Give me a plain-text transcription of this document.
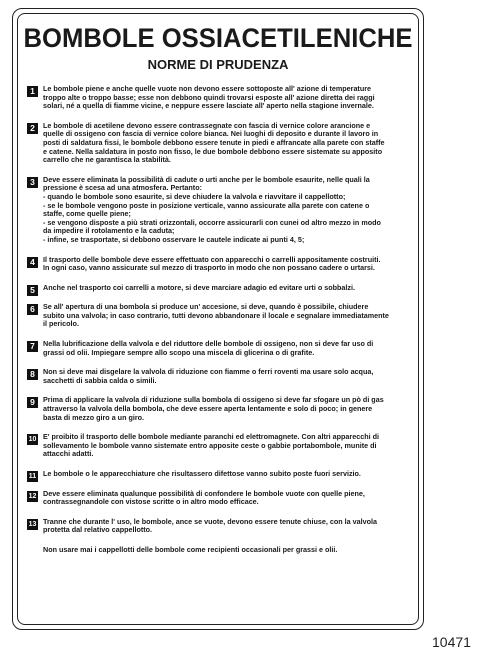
BOMBOLE OSSIACETILENICHE
NORME DI PRUDENZA
1	Le bombole piene e anche quelle vuote non devono essere sottoposte all' azione di temperature
troppo alte o troppo basse; esse non debbono quindi trovarsi esposte all' azione diretta dei raggi
solari, né a quella di fiamme vicine, e neppure essere lasciate all' aperto nella stagione invernale.

2	Le bombole di acetilene devono essere contrassegnate con fascia di vernice colore arancione e
quelle di ossigeno con fascia di vernice colore bianca. Nei luoghi di deposito e durante il lavoro in
posti di saldatura fissi, le bombole debbono essere tenute in piedi e affrancate alla parete con staffe
e catene. Nella saldatura in posto non fisso, le due bombole debbono essere sistemate su apposito
carrello che ne garantisca la stabilità.

3	Deve essere eliminata la possibilità di cadute o urti anche per le bombole esaurite, nelle quali la
pressione è scesa ad una atmosfera. Pertanto:
- quando le bombole sono esaurite, si deve chiudere la valvola e riavvitare il cappellotto;
- se le bombole vengono poste in posizione verticale, vanno assicurate alla parete con catene o
staffe, come quelle piene;
- se vengono disposte a più strati orizzontali, occorre assicurarli con cunei od altro mezzo in modo
da impedire il rotolamento e la caduta;
- infine, se trasportate, si debbono osservare le cautele indicate ai punti 4, 5;

4	Il trasporto delle bombole deve essere effettuato con apparecchi o carrelli appositamente costruiti.
In ogni caso, vanno assicurate sul mezzo di trasporto in modo che non possano cadere o urtarsi.

5	Anche nel trasporto coi carrelli a motore, si deve marciare adagio ed evitare urti o sobbalzi.

6	Se all' apertura di una bombola si produce un' accesione, si deve, quando è possibile, chiudere
subito una valvola; in caso contrario, tutti devono abbandonare il locale e segnalare immediatamente
il pericolo.

7	Nella lubrificazione della valvola e del riduttore delle bombole di ossigeno, non si deve far uso di
grassi od olii. Impiegare sempre allo scopo una miscela di glicerina o di grafite.

8	Non si deve mai disgelare la valvola di riduzione con fiamme o ferri roventi ma usare solo acqua,
sacchetti di sabbia calda o simili.

9	Prima di applicare la valvola di riduzione sulla bombola di ossigeno si deve far sfogare un pò di gas
attraverso la valvola della bombola, che deve essere aperta lentamente e solo di poco; in genere
basta di mezzo giro a un giro.

10 E' proibito il trasporto delle bombole mediante paranchi ed elettromagnete. Con altri apparecchi di
sollevamento le bombole vanno sistemate entro apposite ceste o gabbie portabombole, munite di
attacchi adatti.

11 Le bombole o le apparecchiature che risultassero difettose vanno subito poste fuori servizio.

12 Deve essere eliminata qualunque possibilità di confondere le bombole vuote con quelle piene,
contrassegnandole con vistose scritte o in altro modo efficace.

13 Tranne che durante l' uso, le bombole, ance se vuote, devono essere tenute chiuse, con la valvola
protetta dal relativo cappellotto.

Non usare mai i cappellotti delle bombole come recipienti occasionali per grassi e olii.
10471
